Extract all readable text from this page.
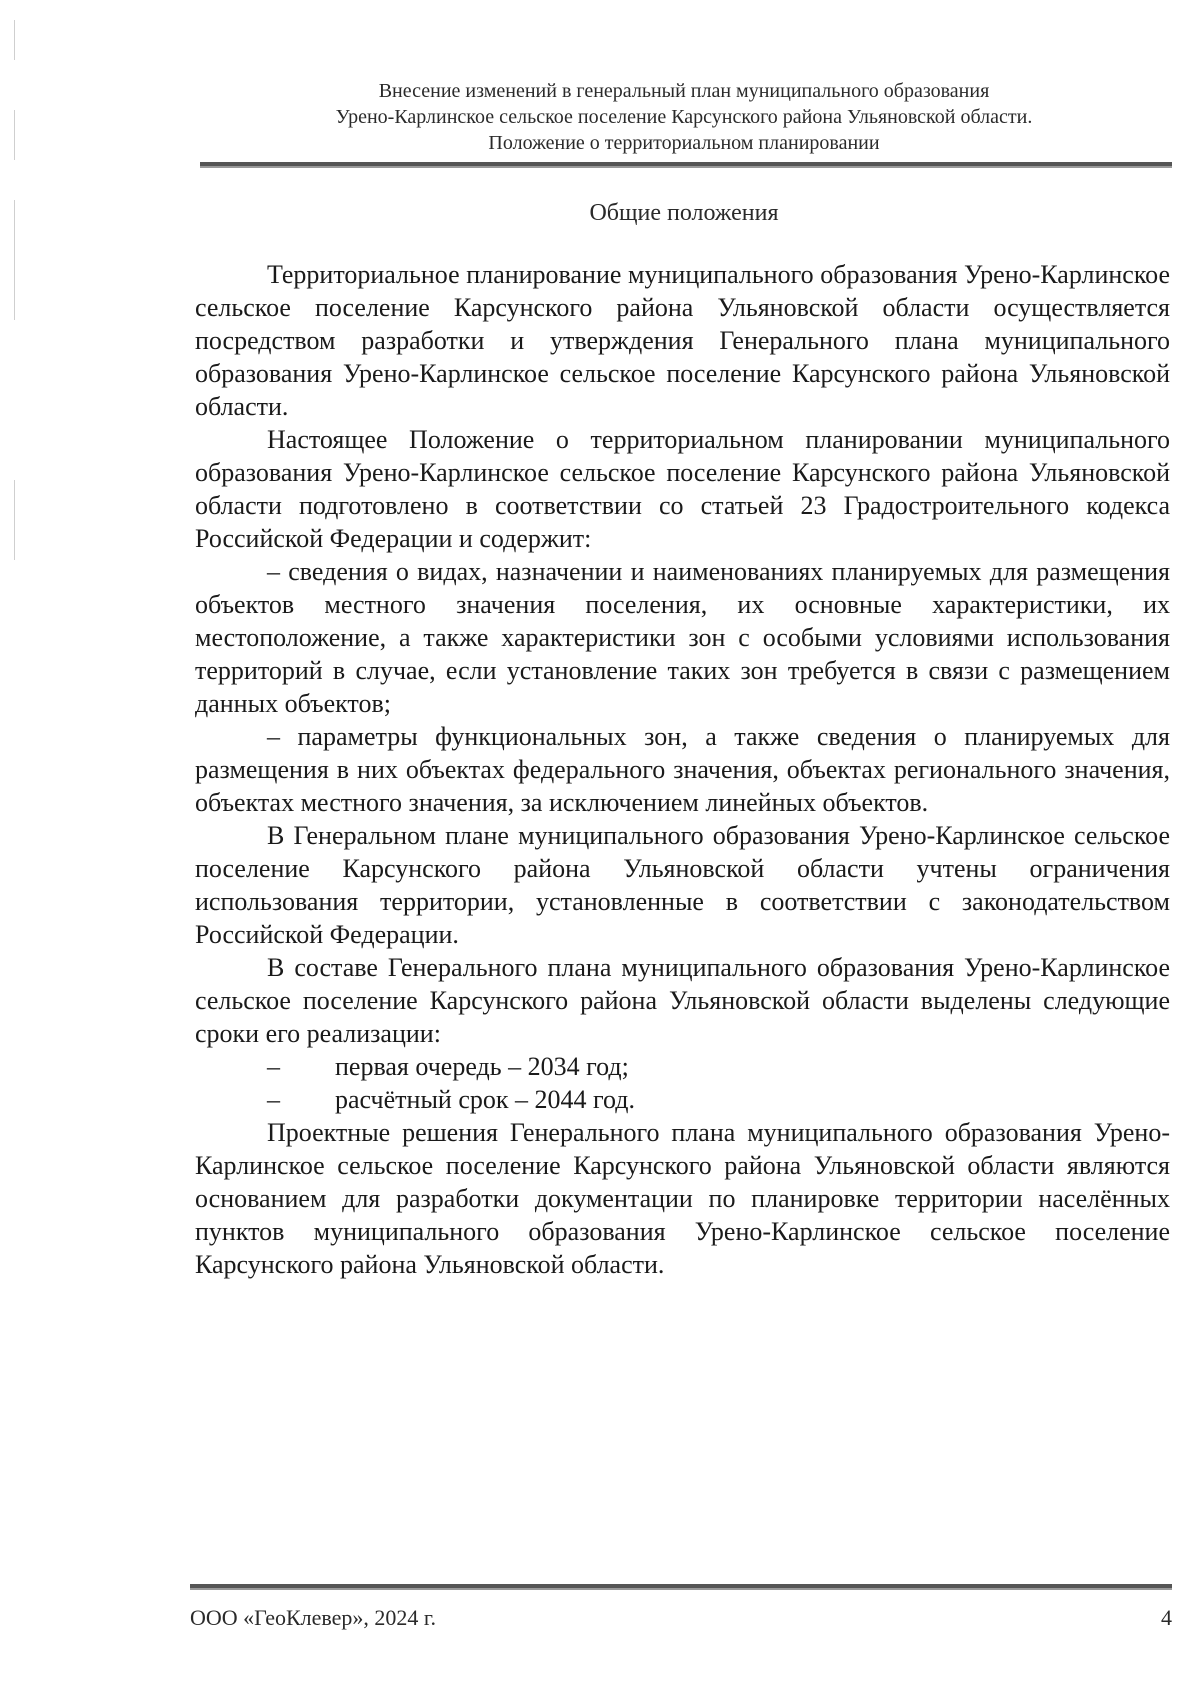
Внесение изменений в генеральный план муниципального образования
Урено-Карлинское сельское поселение Карсунского района Ульяновской области.
Положение о территориальном планировании
Общие положения

Территориальное планирование муниципального образования Урено-Карлинское сельское поселение Карсунского района Ульяновской области осуществляется посредством разработки и утверждения Генерального плана муниципального образования Урено-Карлинское сельское поселение Карсунского района Ульяновской области.

Настоящее Положение о территориальном планировании муниципального образования Урено-Карлинское сельское поселение Карсунского района Ульяновской области подготовлено в соответствии со статьей 23 Градостроительного кодекса Российской Федерации и содержит:

– сведения о видах, назначении и наименованиях планируемых для размещения объектов местного значения поселения, их основные характеристики, их местоположение, а также характеристики зон с особыми условиями использования территорий в случае, если установление таких зон требуется в связи с размещением данных объектов;

– параметры функциональных зон, а также сведения о планируемых для размещения в них объектах федерального значения, объектах регионального значения, объектах местного значения, за исключением линейных объектов.

В Генеральном плане муниципального образования Урено-Карлинское сельское поселение Карсунского района Ульяновской области учтены ограничения использования территории, установленные в соответствии с законодательством Российской Федерации.

В составе Генерального плана муниципального образования Урено-Карлинское сельское поселение Карсунского района Ульяновской области выделены следующие сроки его реализации:

–	первая очередь – 2034 год;
–	расчётный срок – 2044 год.

Проектные решения Генерального плана муниципального образования Урено-Карлинское сельское поселение Карсунского района Ульяновской области являются основанием для разработки документации по планировке территории населённых пунктов муниципального образования Урено-Карлинское сельское поселение Карсунского района Ульяновской области.

ООО «ГеоКлевер», 2024 г.	4
